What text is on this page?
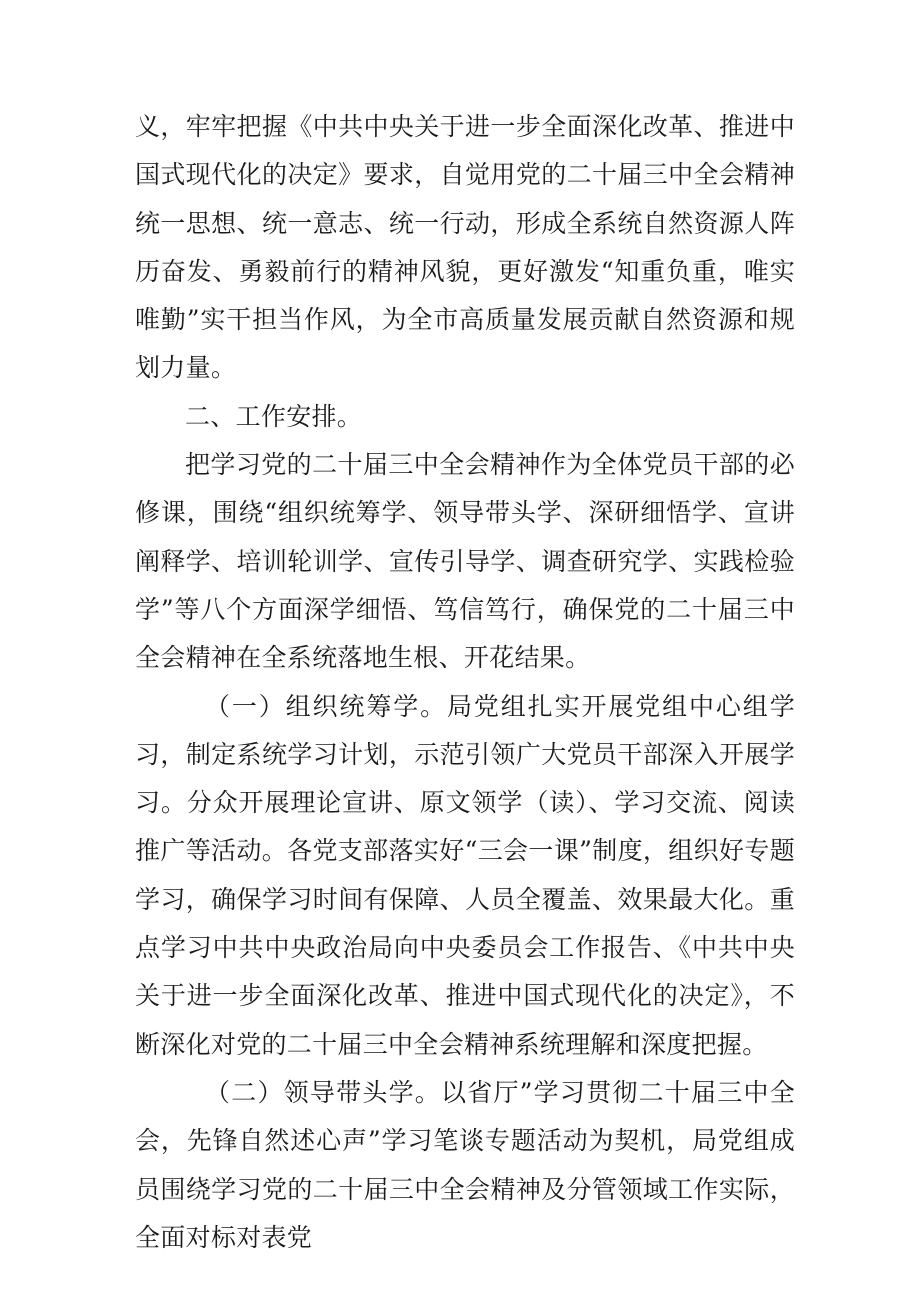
义，牢牢把握《中共中央关于进一步全面深化改革、推进中国式现代化的决定》要求，自觉用党的二十届三中全会精神统一思想、统一意志、统一行动，形成全系统自然资源人阵历奋发、勇毅前行的精神风貌，更好激发“知重负重，唯实唯勤”实干担当作风，为全市高质量发展贡献自然资源和规划力量。

二、工作安排。

把学习党的二十届三中全会精神作为全体党员干部的必修课，围绕“组织统筹学、领导带头学、深研细悟学、宣讲阐释学、培训轮训学、宣传引导学、调查研究学、实践检验学”等八个方面深学细悟、笃信笃行，确保党的二十届三中全会精神在全系统落地生根、开花结果。

（一）组织统筹学。局党组扎实开展党组中心组学习，制定系统学习计划，示范引领广大党员干部深入开展学习。分众开展理论宣讲、原文领学（读）、学习交流、阅读推广等活动。各党支部落实好“三会一课”制度，组织好专题学习，确保学习时间有保障、人员全覆盖、效果最大化。重点学习中共中央政治局向中央委员会工作报告、《中共中央关于进一步全面深化改革、推进中国式现代化的决定》，不断深化对党的二十届三中全会精神系统理解和深度把握。

（二）领导带头学。以省厅”学习贯彻二十届三中全会，先锋自然述心声”学习笔谈专题活动为契机，局党组成员围绕学习党的二十届三中全会精神及分管领域工作实际，全面对标对表党
